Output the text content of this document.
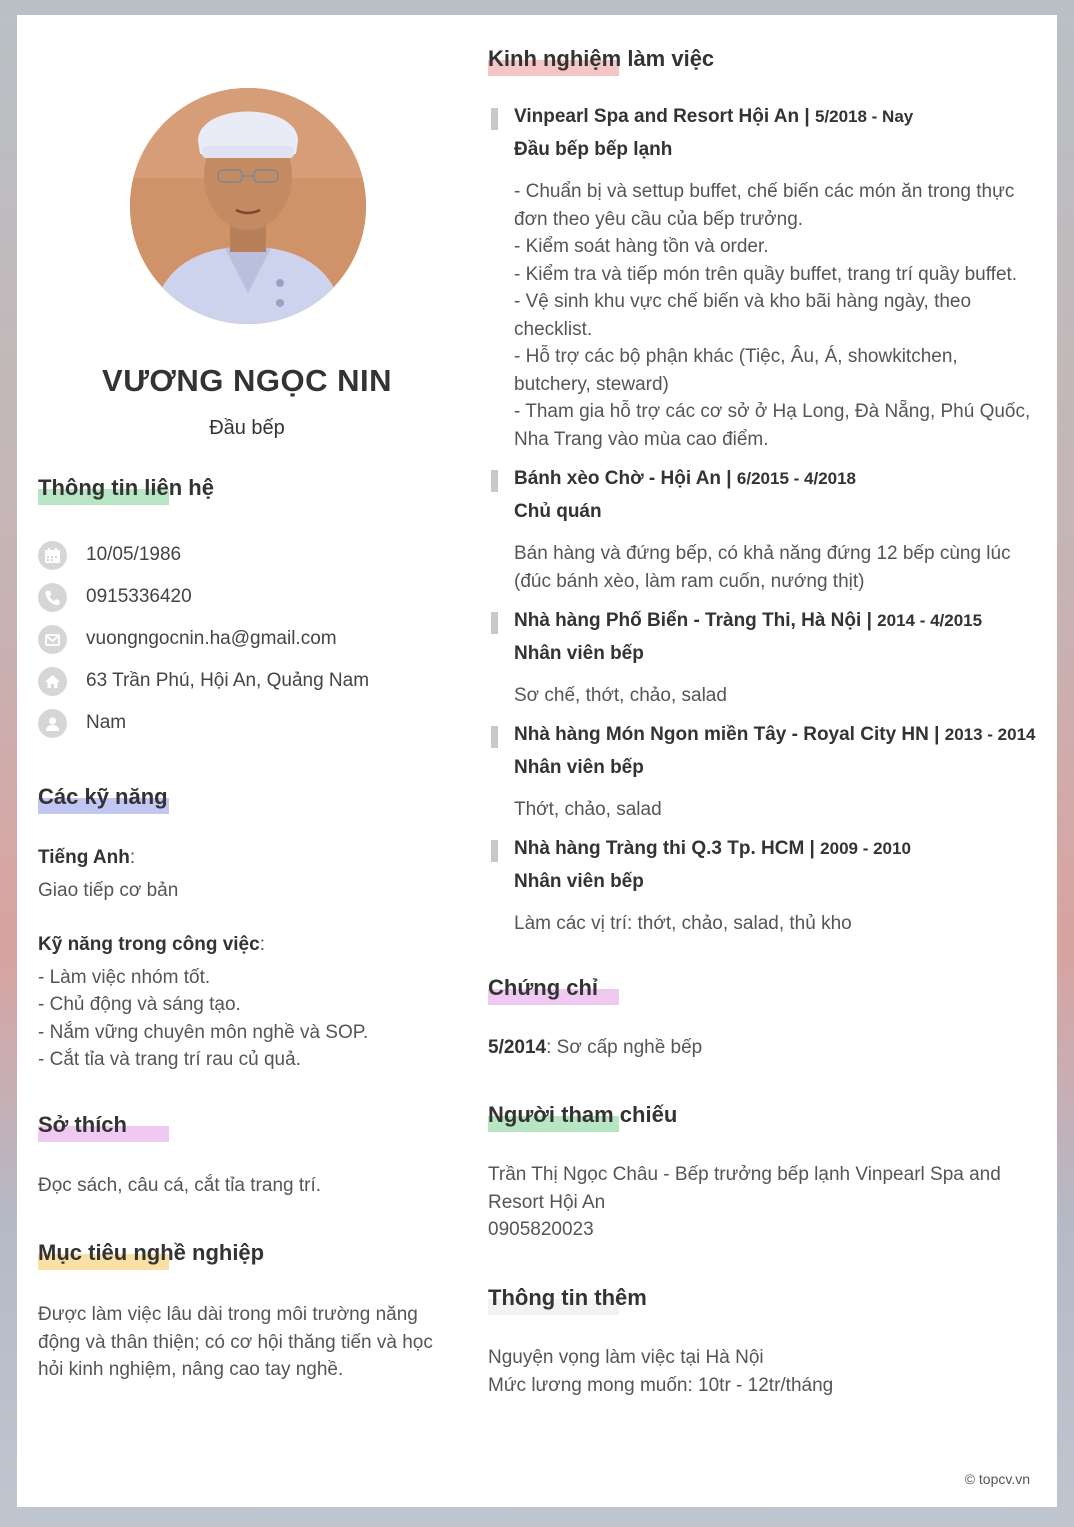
VƯƠNG NGỌC NIN
Đầu bếp
Thông tin liên hệ
10/05/1986
0915336420
vuongngocnin.ha@gmail.com
63 Trần Phú, Hội An, Quảng Nam
Nam
Các kỹ năng
Tiếng Anh:
Giao tiếp cơ bản
Kỹ năng trong công việc:
- Làm việc nhóm tốt.
- Chủ động và sáng tạo.
- Nắm vững chuyên môn nghề và SOP.
- Cắt tỉa và trang trí rau củ quả.
Sở thích
Đọc sách, câu cá, cắt tỉa trang trí.
Mục tiêu nghề nghiệp
Được làm việc lâu dài trong môi trường năng động và thân thiện; có cơ hội thăng tiến và học hỏi kinh nghiệm, nâng cao tay nghề.
Kinh nghiệm làm việc
Vinpearl Spa and Resort Hội An | 5/2018 - Nay
Đầu bếp bếp lạnh
- Chuẩn bị và settup buffet, chế biến các món ăn trong thực đơn theo yêu cầu của bếp trưởng.
- Kiểm soát hàng tồn và order.
- Kiểm tra và tiếp món trên quầy buffet, trang trí quầy buffet.
- Vệ sinh khu vực chế biến và kho bãi hàng ngày, theo checklist.
- Hỗ trợ các bộ phận khác (Tiệc, Âu, Á, showkitchen, butchery, steward)
- Tham gia hỗ trợ các cơ sở ở Hạ Long, Đà Nẵng, Phú Quốc, Nha Trang vào mùa cao điểm.
Bánh xèo Chờ - Hội An | 6/2015 - 4/2018
Chủ quán
Bán hàng và đứng bếp, có khả năng đứng 12 bếp cùng lúc (đúc bánh xèo, làm ram cuốn, nướng thịt)
Nhà hàng Phố Biển - Tràng Thi, Hà Nội | 2014 - 4/2015
Nhân viên bếp
Sơ chế, thớt, chảo, salad
Nhà hàng Món Ngon miền Tây - Royal City HN | 2013 - 2014
Nhân viên bếp
Thớt, chảo, salad
Nhà hàng Tràng thi Q.3 Tp. HCM | 2009 - 2010
Nhân viên bếp
Làm các vị trí: thớt, chảo, salad, thủ kho
Chứng chỉ
5/2014: Sơ cấp nghề bếp
Người tham chiếu
Trần Thị Ngọc Châu - Bếp trưởng bếp lạnh Vinpearl Spa and Resort Hội An
0905820023
Thông tin thêm
Nguyện vọng làm việc tại Hà Nội
Mức lương mong muốn: 10tr - 12tr/tháng
© topcv.vn
